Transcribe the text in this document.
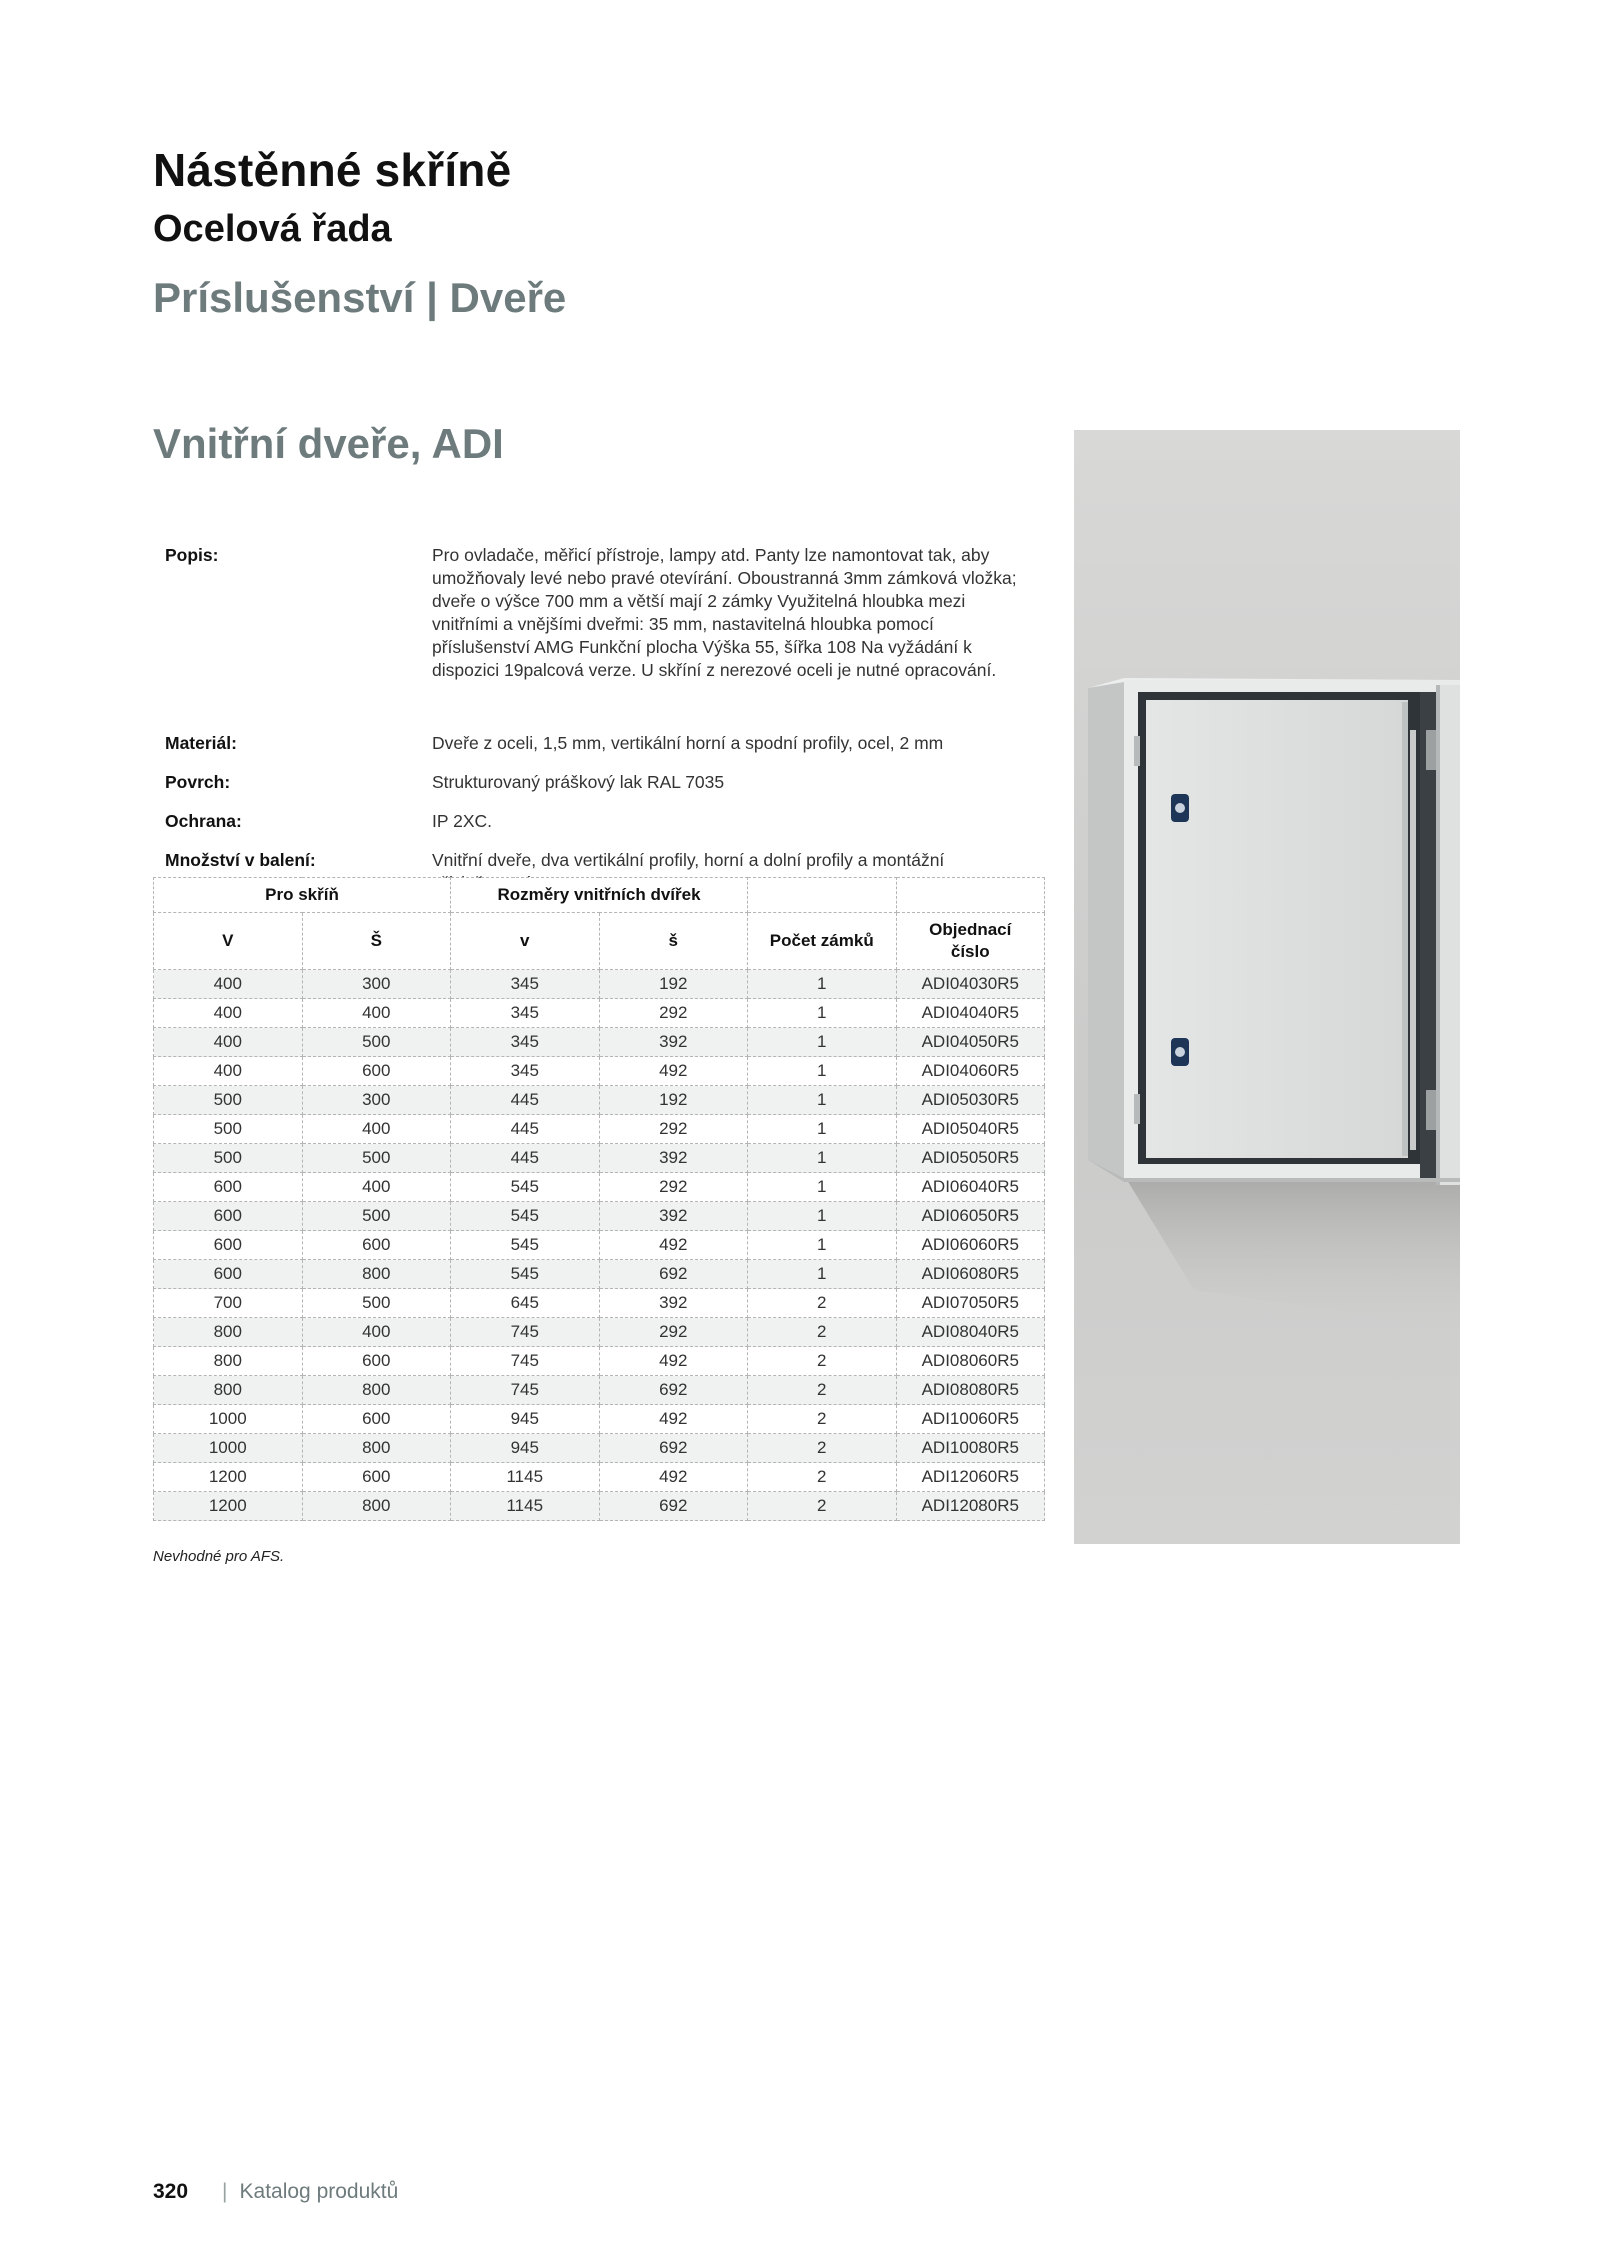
Nástěnné skříně
Ocelová řada
Príslušenství | Dveře
Vnitřní dveře, ADI
Popis:	Pro ovladače, měřicí přístroje, lampy atd. Panty lze namontovat tak, aby umožňovaly levé nebo pravé otevírání. Oboustranná 3mm zámková vložka; dveře o výšce 700 mm a větší mají 2 zámky Využitelná hloubka mezi vnitřními a vnějšími dveřmi: 35 mm, nastavitelná hloubka pomocí příslušenství AMG Funkční plocha Výška 55, šířka 108 Na vyžádání k dispozici 19palcová verze. U skříní z nerezové oceli je nutné opracování.
Materiál:	Dveře z oceli, 1,5 mm, vertikální horní a spodní profily, ocel, 2 mm
Povrch:	Strukturovaný práškový lak RAL 7035
Ochrana:	IP 2XC.
Množství v balení:	Vnitřní dveře, dva vertikální profily, horní a dolní profily a montážní
Pro skříň		Rozměry vnitřních dvířek			
V	Š	v	š	Počet zámků	Objednací číslo
400	300	345	192	1	ADI04030R5
400	400	345	292	1	ADI04040R5
400	500	345	392	1	ADI04050R5
400	600	345	492	1	ADI04060R5
500	300	445	192	1	ADI05030R5
500	400	445	292	1	ADI05040R5
500	500	445	392	1	ADI05050R5
600	400	545	292	1	ADI06040R5
600	500	545	392	1	ADI06050R5
600	600	545	492	1	ADI06060R5
600	800	545	692	1	ADI06080R5
700	500	645	392	2	ADI07050R5
800	400	745	292	2	ADI08040R5
800	600	745	492	2	ADI08060R5
800	800	745	692	2	ADI08080R5
1000	600	945	492	2	ADI10060R5
1000	800	945	692	2	ADI10080R5
1200	600	1145	492	2	ADI12060R5
1200	800	1145	692	2	ADI12080R5
Nevhodné pro AFS.
320 | Katalog produktů
